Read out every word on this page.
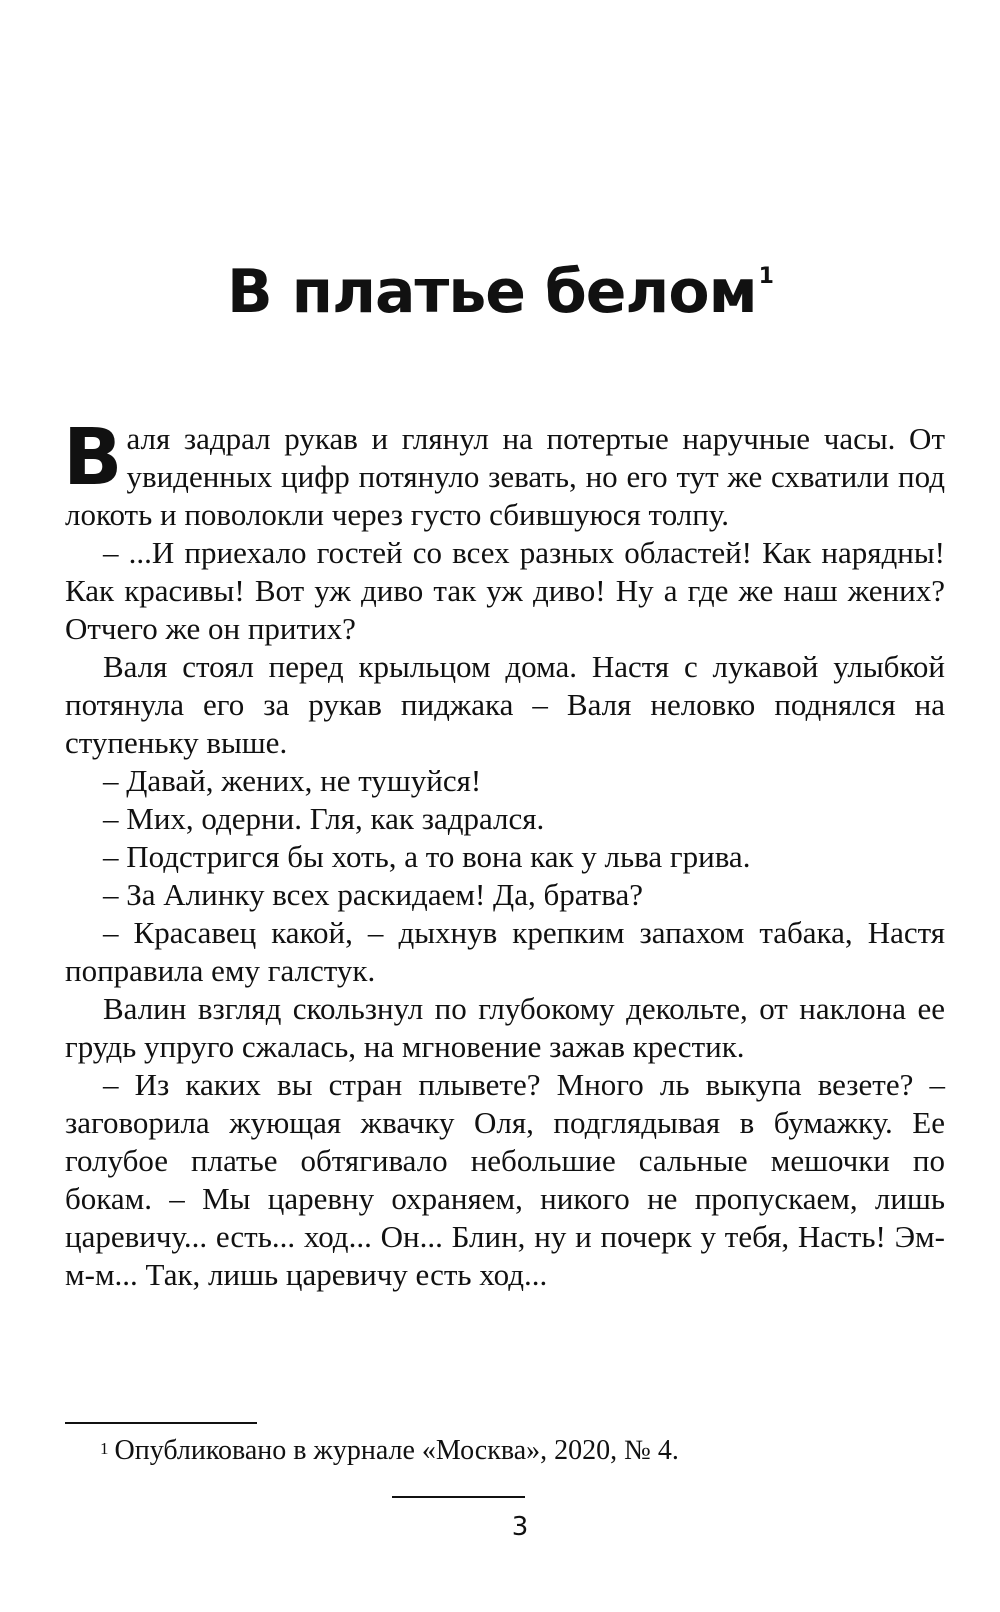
В платье белом$^1$

Валя задрал рукав и глянул на потертые наручные часы. От увиденных цифр потянуло зевать, но его тут же схватили под локоть и поволокли через густо сбившуюся толпу.

– ...И приехало гостей со всех разных областей! Как нарядны! Как красивы! Вот уж диво так уж диво! Ну а где же наш жених? Отчего же он притих?

Валя стоял перед крыльцом дома. Настя с лукавой улыбкой потянула его за рукав пиджака – Валя неловко поднялся на ступеньку выше.

– Давай, жених, не тушуйся!

– Мих, одерни. Гля, как задрался.

– Подстригся бы хоть, а то вона как у льва грива.

– За Алинку всех раскидаем! Да, братва?

– Красавец какой, – дыхнув крепким запахом табака, Настя поправила ему галстук.

Валин взгляд скользнул по глубокому декольте, от наклона ее грудь упруго сжалась, на мгновение зажав крестик.

– Из каких вы стран плывете? Много ль выкупа везете? – заговорила жующая жвачку Оля, подглядывая в бумажку. Ее голубое платье обтягивало небольшие сальные мешочки по бокам. – Мы царевну охраняем, никого не пропускаем, лишь царевичу... есть... ход... Он... Блин, ну и почерк у тебя, Насть! Эм-м-м... Так, лишь царевичу есть ход...

$^1$ Опубликовано в журнале «Москва», 2020, № 4.
3
